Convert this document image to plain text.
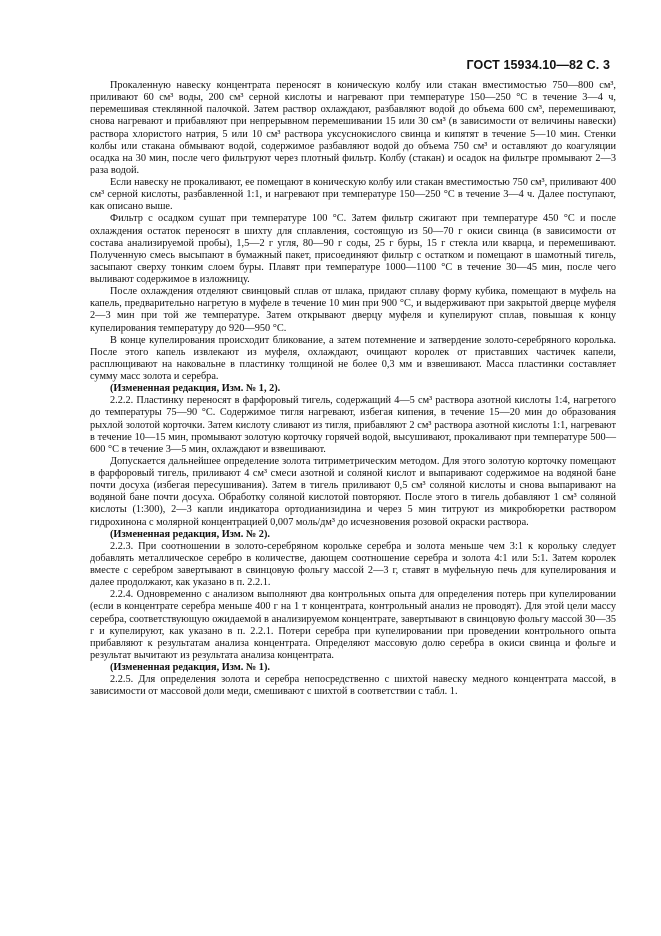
ГОСТ 15934.10—82 С. 3

Прокаленную навеску концентрата переносят в коническую колбу или стакан вместимостью 750—800 см³, приливают 60 см³ воды, 200 см³ серной кислоты и нагревают при температуре 150—250 °С в течение 3—4 ч, перемешивая стеклянной палочкой. Затем раствор охлаждают, разбавляют водой до объема 600 см³, перемешивают, снова нагревают и прибавляют при непрерывном перемешивании 15 или 30 см³ (в зависимости от величины навески) раствора хлористого натрия, 5 или 10 см³ раствора уксуснокислого свинца и кипятят в течение 5—10 мин. Стенки колбы или стакана обмывают водой, содержимое разбавляют водой до объема 750 см³ и оставляют до коагуляции осадка на 30 мин, после чего фильтруют через плотный фильтр. Колбу (стакан) и осадок на фильтре промывают 2—3 раза водой.

Если навеску не прокаливают, ее помещают в коническую колбу или стакан вместимостью 750 см³, приливают 400 см³ серной кислоты, разбавленной 1:1, и нагревают при температуре 150—250 °С в течение 3—4 ч. Далее поступают, как описано выше.

Фильтр с осадком сушат при температуре 100 °С. Затем фильтр сжигают при температуре 450 °С и после охлаждения остаток переносят в шихту для сплавления, состоящую из 50—70 г окиси свинца (в зависимости от состава анализируемой пробы), 1,5—2 г угля, 80—90 г соды, 25 г буры, 15 г стекла или кварца, и перемешивают. Полученную смесь высыпают в бумажный пакет, присоединяют фильтр с остатком и помещают в шамотный тигель, засыпают сверху тонким слоем буры. Плавят при температуре 1000—1100 °С в течение 30—45 мин, после чего выливают содержимое в изложницу.

После охлаждения отделяют свинцовый сплав от шлака, придают сплаву форму кубика, помещают в муфель на капель, предварительно нагретую в муфеле в течение 10 мин при 900 °С, и выдерживают при закрытой дверце муфеля 2—3 мин при той же температуре. Затем открывают дверцу муфеля и купелируют сплав, повышая к концу купелирования температуру до 920—950 °С.

В конце купелирования происходит бликование, а затем потемнение и затвердение золото-серебряного королька. После этого капель извлекают из муфеля, охлаждают, очищают королек от приставших частичек капели, расплющивают на наковальне в пластинку толщиной не более 0,3 мм и взвешивают. Масса пластинки составляет сумму масс золота и серебра.

(Измененная редакция, Изм. № 1, 2).

2.2.2. Пластинку переносят в фарфоровый тигель, содержащий 4—5 см³ раствора азотной кислоты 1:4, нагретого до температуры 75—90 °С. Содержимое тигля нагревают, избегая кипения, в течение 15—20 мин до образования рыхлой золотой корточки. Затем кислоту сливают из тигля, прибавляют 2 см³ раствора азотной кислоты 1:1, нагревают в течение 10—15 мин, промывают золотую корточку горячей водой, высушивают, прокаливают при температуре 500—600 °С в течение 3—5 мин, охлаждают и взвешивают.

Допускается дальнейшее определение золота титриметрическим методом. Для этого золотую корточку помещают в фарфоровый тигель, приливают 4 см³ смеси азотной и соляной кислот и выпаривают содержимое на водяной бане почти досуха (избегая пересушивания). Затем в тигель приливают 0,5 см³ соляной кислоты и снова выпаривают на водяной бане почти досуха. Обработку соляной кислотой повторяют. После этого в тигель добавляют 1 см³ соляной кислоты (1:300), 2—3 капли индикатора ортодианизидина и через 5 мин титруют из микробюретки раствором гидрохинона с молярной концентрацией 0,007 моль/дм³ до исчезновения розовой окраски раствора.

(Измененная редакция, Изм. № 2).

2.2.3. При соотношении в золото-серебряном корольке серебра и золота меньше чем 3:1 к корольку следует добавлять металлическое серебро в количестве, дающем соотношение серебра и золота 4:1 или 5:1. Затем королек вместе с серебром завертывают в свинцовую фольгу массой 2—3 г, ставят в муфельную печь для купелирования и далее продолжают, как указано в п. 2.2.1.

2.2.4. Одновременно с анализом выполняют два контрольных опыта для определения потерь при купелировании (если в концентрате серебра меньше 400 г на 1 т концентрата, контрольный анализ не проводят). Для этой цели массу серебра, соответствующую ожидаемой в анализируемом концентрате, завертывают в свинцовую фольгу массой 30—35 г и купелируют, как указано в п. 2.2.1. Потери серебра при купелировании при проведении контрольного опыта прибавляют к результатам анализа концентрата. Определяют массовую долю серебра в окиси свинца и фольге и результат вычитают из результата анализа концентрата.

(Измененная редакция, Изм. № 1).

2.2.5. Для определения золота и серебра непосредственно с шихтой навеску медного концентрата массой, в зависимости от массовой доли меди, смешивают с шихтой в соответствии с табл. 1.
